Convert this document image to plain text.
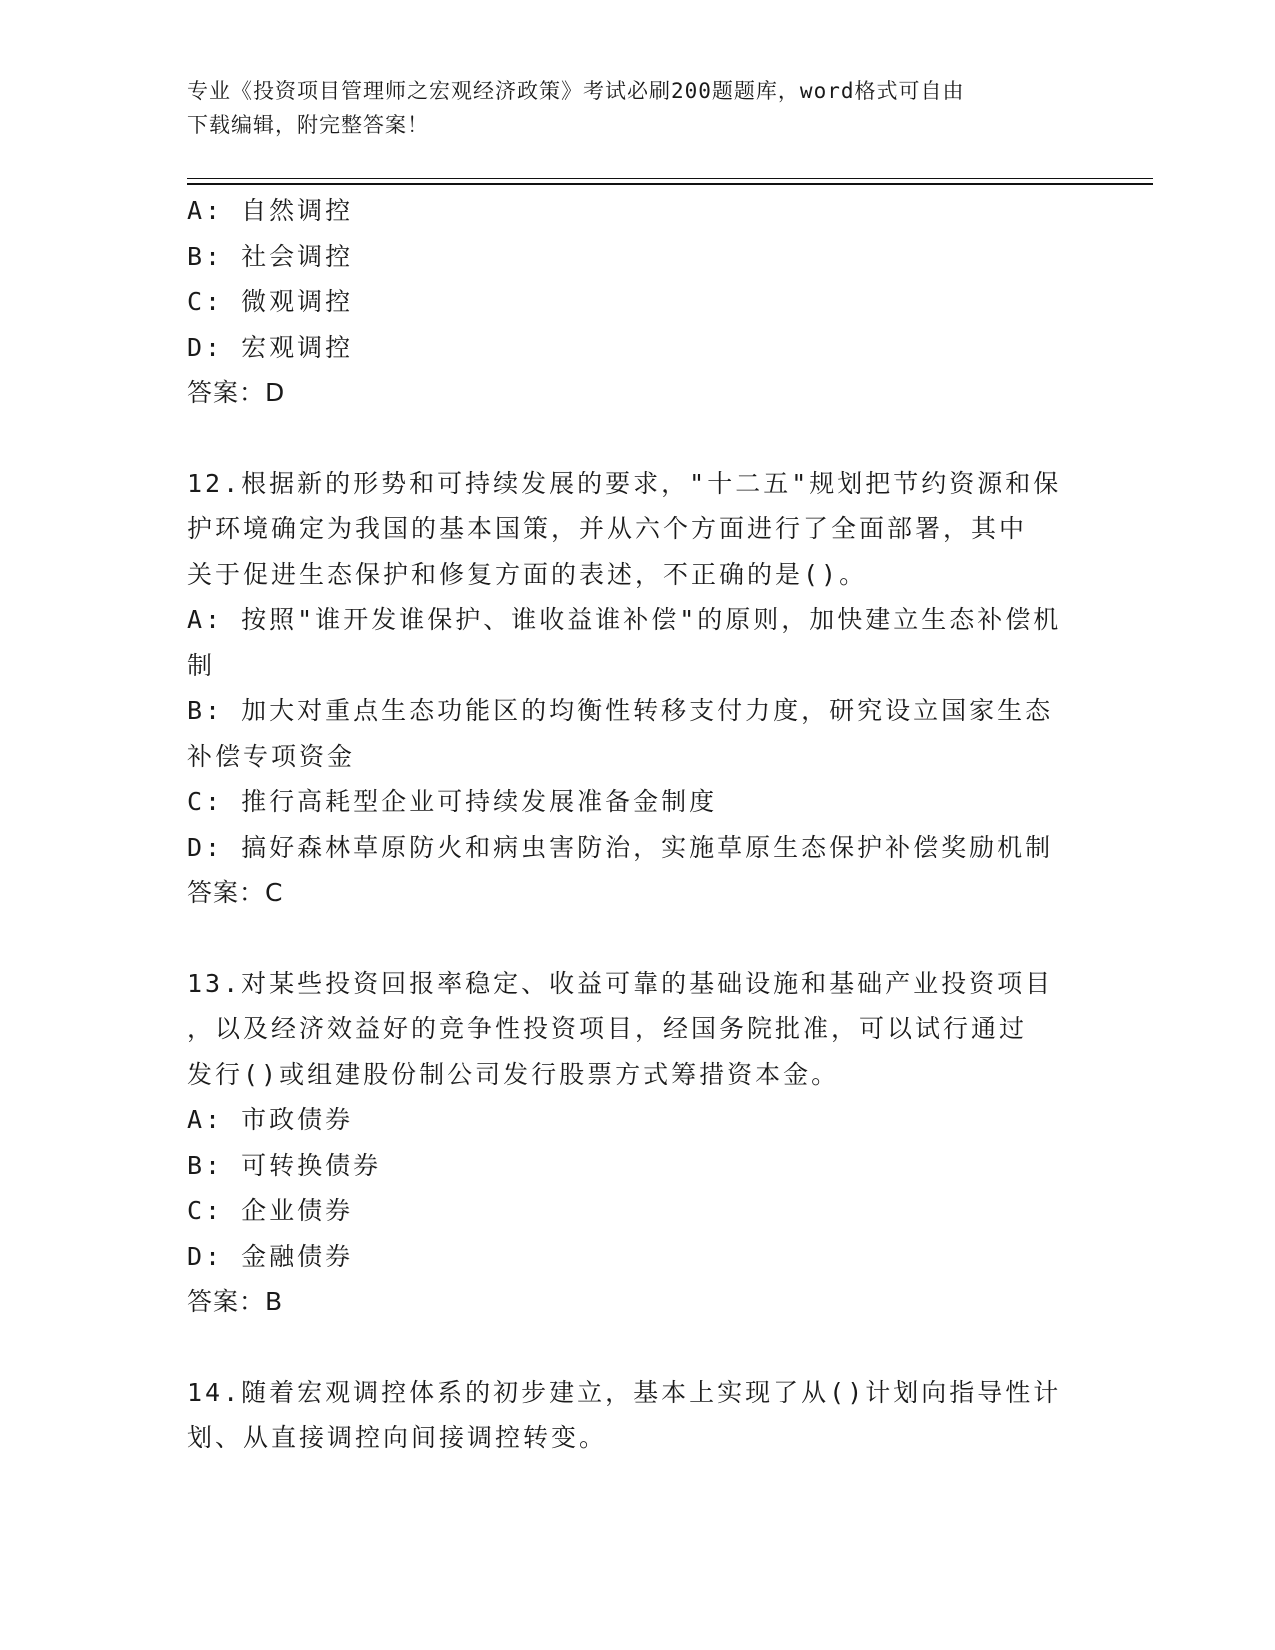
专业《投资项目管理师之宏观经济政策》考试必刷200题题库，word格式可自由
下载编辑，附完整答案！
A: 自然调控
B: 社会调控
C: 微观调控
D: 宏观调控
答案：D
12.根据新的形势和可持续发展的要求，"十二五"规划把节约资源和保
护环境确定为我国的基本国策，并从六个方面进行了全面部署，其中
关于促进生态保护和修复方面的表述，不正确的是()。
A: 按照"谁开发谁保护、谁收益谁补偿"的原则，加快建立生态补偿机
制
B: 加大对重点生态功能区的均衡性转移支付力度，研究设立国家生态
补偿专项资金
C: 推行高耗型企业可持续发展准备金制度
D: 搞好森林草原防火和病虫害防治，实施草原生态保护补偿奖励机制
答案：C
13.对某些投资回报率稳定、收益可靠的基础设施和基础产业投资项目
，以及经济效益好的竞争性投资项目，经国务院批准，可以试行通过
发行()或组建股份制公司发行股票方式筹措资本金。
A: 市政债券
B: 可转换债券
C: 企业债券
D: 金融债券
答案：B
14.随着宏观调控体系的初步建立，基本上实现了从()计划向指导性计
划、从直接调控向间接调控转变。
